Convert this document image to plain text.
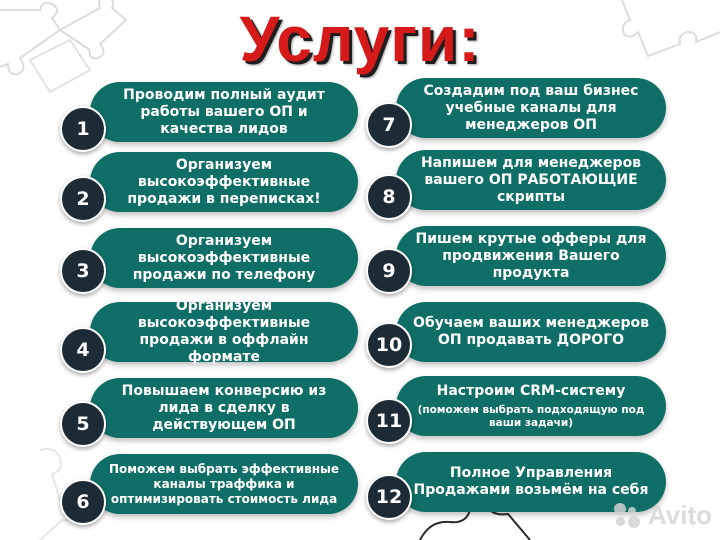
Услуги:
Проводим полный аудит работы вашего ОП и качества лидов
1
Организуем высокоэффективные продажи в переписках!
2
Организуем высокоэффективные продажи по телефону
3
Организуем высокоэффективные продажи в оффлайн формате
4
Повышаем конверсию из лида в сделку в действующем ОП
5
Поможем выбрать эффективные каналы траффика и оптимизировать стоимость лида
6
Создадим под ваш бизнес учебные каналы для менеджеров ОП
7
Напишем для менеджеров вашего ОП РАБОТАЮЩИЕ скрипты
8
Пишем крутые офферы для продвижения Вашего продукта
9
Обучаем ваших менеджеров ОП продавать ДОРОГО
10
Настроим CRM-систему
(поможем выбрать подходящую под ваши задачи)
11
Полное Управления Продажами возьмём на себя
12
Avito
